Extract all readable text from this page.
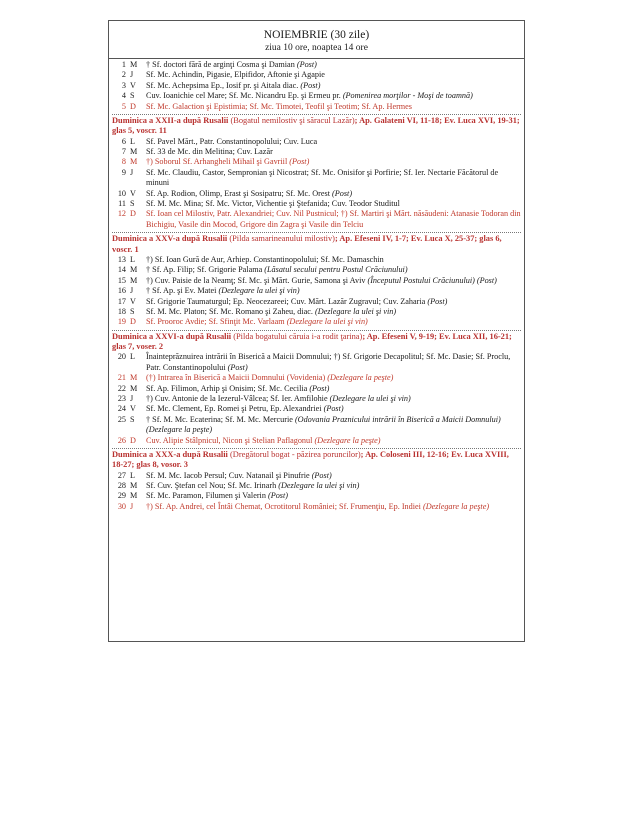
NOIEMBRIE (30 zile)
ziua 10 ore, noaptea 14 ore
1 M	† Sf. doctori fără de arginţi Cosma şi Damian (Post)
2 J	Sf. Mc. Achindin, Pigasie, Elpifidor, Aftonie şi Agapie
3 V	Sf. Mc. Achepsima Ep., Iosif pr. şi Aitala diac. (Post)
4 S	Cuv. Ioanichie cel Mare; Sf. Mc. Nicandru Ep. şi Ermeu pr. (Pomenirea morţilor - Moşi de toamnă)
5 D	Sf. Mc. Galaction şi Epistimia; Sf. Mc. Timotei, Teofil şi Teotim; Sf. Ap. Hermes
Duminica a XXII-a după Rusalii (Bogatul nemilostiv şi săracul Lazăr); Ap. Galateni VI, 11-18; Ev. Luca XVI, 19-31; glas 5, voscr. 11
6 L	Sf. Pavel Mărt., Patr. Constantinopolului; Cuv. Luca
7 M	Sf. 33 de Mc. din Melitina; Cuv. Lazăr
8 M	†) Soborul Sf. Arhangheli Mihail şi Gavriil (Post)
9 J	Sf. Mc. Claudiu, Castor, Sempronian şi Nicostrat; Sf. Mc. Onisifor şi Porfirie; Sf. Ier. Nectarie Făcătorul de minuni
10 V	Sf. Ap. Rodion, Olimp, Erast şi Sosipatru; Sf. Mc. Orest (Post)
11 S	Sf. M. Mc. Mina; Sf. Mc. Victor, Vichentie şi Ştefanida; Cuv. Teodor Studitul
12 D	Sf. Ioan cel Milostiv, Patr. Alexandriei; Cuv. Nil Pustnicul; †) Sf. Martiri şi Mărt. năsăudeni: Atanasie Todoran din Bichigiu, Vasile din Mocod, Grigore din Zagra şi Vasile din Telciu
Duminica a XXV-a după Rusalii (Pilda samarineanului milostiv); Ap. Efeseni IV, 1-7; Ev. Luca X, 25-37; glas 6, voscr. 1
13 L	†) Sf. Ioan Gură de Aur, Arhiep. Constantinopolului; Sf. Mc. Damaschin
14 M	† Sf. Ap. Filip; Sf. Grigorie Palama (Lăsatul secului pentru Postul Crăciunului)
15 M	†) Cuv. Paisie de la Neamţ; Sf. Mc. şi Mărt. Gurie, Samona şi Aviv (Începutul Postului Crăciunului) (Post)
16 J	† Sf. Ap. şi Ev. Matei (Dezlegare la ulei şi vin)
17 V	Sf. Grigorie Taumaturgul; Ep. Neocezareei; Cuv. Mărt. Lazăr Zugravul; Cuv. Zaharia (Post)
18 S	Sf. M. Mc. Platon; Sf. Mc. Romano şi Zaheu, diac. (Dezlegare la ulei şi vin)
19 D	Sf. Prooroc Avdie; Sf. Sfinţit Mc. Varlaam (Dezlegare la ulei şi vin)
Duminica a XXVI-a după Rusalii (Pilda bogatului căruia i-a rodit ţarina); Ap. Efeseni V, 9-19; Ev. Luca XII, 16-21; glas 7, voser. 2
20 L	Înainteprăznuirea intrării în Biserică a Maicii Domnului; †) Sf. Grigorie Decapolitul; Sf. Mc. Dasie; Sf. Proclu, Patr. Constantinopolului (Post)
21 M	(†) Intrarea în Biserică a Maicii Domnului (Vovidenia) (Dezlegare la peşte)
22 M	Sf. Ap. Filimon, Arhip şi Onisim; Sf. Mc. Cecilia (Post)
23 J	†) Cuv. Antonie de la Iezerul-Vâlcea; Sf. Ier. Amfilohie (Dezlegare la ulei şi vin)
24 V	Sf. Mc. Clement, Ep. Romei şi Petru, Ep. Alexandriei (Post)
25 S	† Sf. M. Mc. Ecaterina; Sf. M. Mc. Mercurie (Odovania Praznicului intrării în Biserică a Maicii Domnului) (Dezlegare la peşte)
26 D	Cuv. Alipie Stâlpnicul, Nicon şi Stelian Paflagonul (Dezlegare la peşte)
Duminica a XXX-a după Rusalii (Dregătorul bogat - păzirea poruncilor); Ap. Coloseni III, 12-16; Ev. Luca XVIII, 18-27; glas 8, vosor. 3
27 L	Sf. M. Mc. Iacob Persul; Cuv. Natanail şi Pinufrie (Post)
28 M	Sf. Cuv. Ştefan cel Nou; Sf. Mc. Irinarh (Dezlegare la ulei şi vin)
29 M	Sf. Mc. Paramon, Filumen şi Valerin (Post)
30 J	†) Sf. Ap. Andrei, cel Întâi Chemat, Ocrotitorul României; Sf. Frumenţiu, Ep. Indiei (Dezlegare la peşte)
